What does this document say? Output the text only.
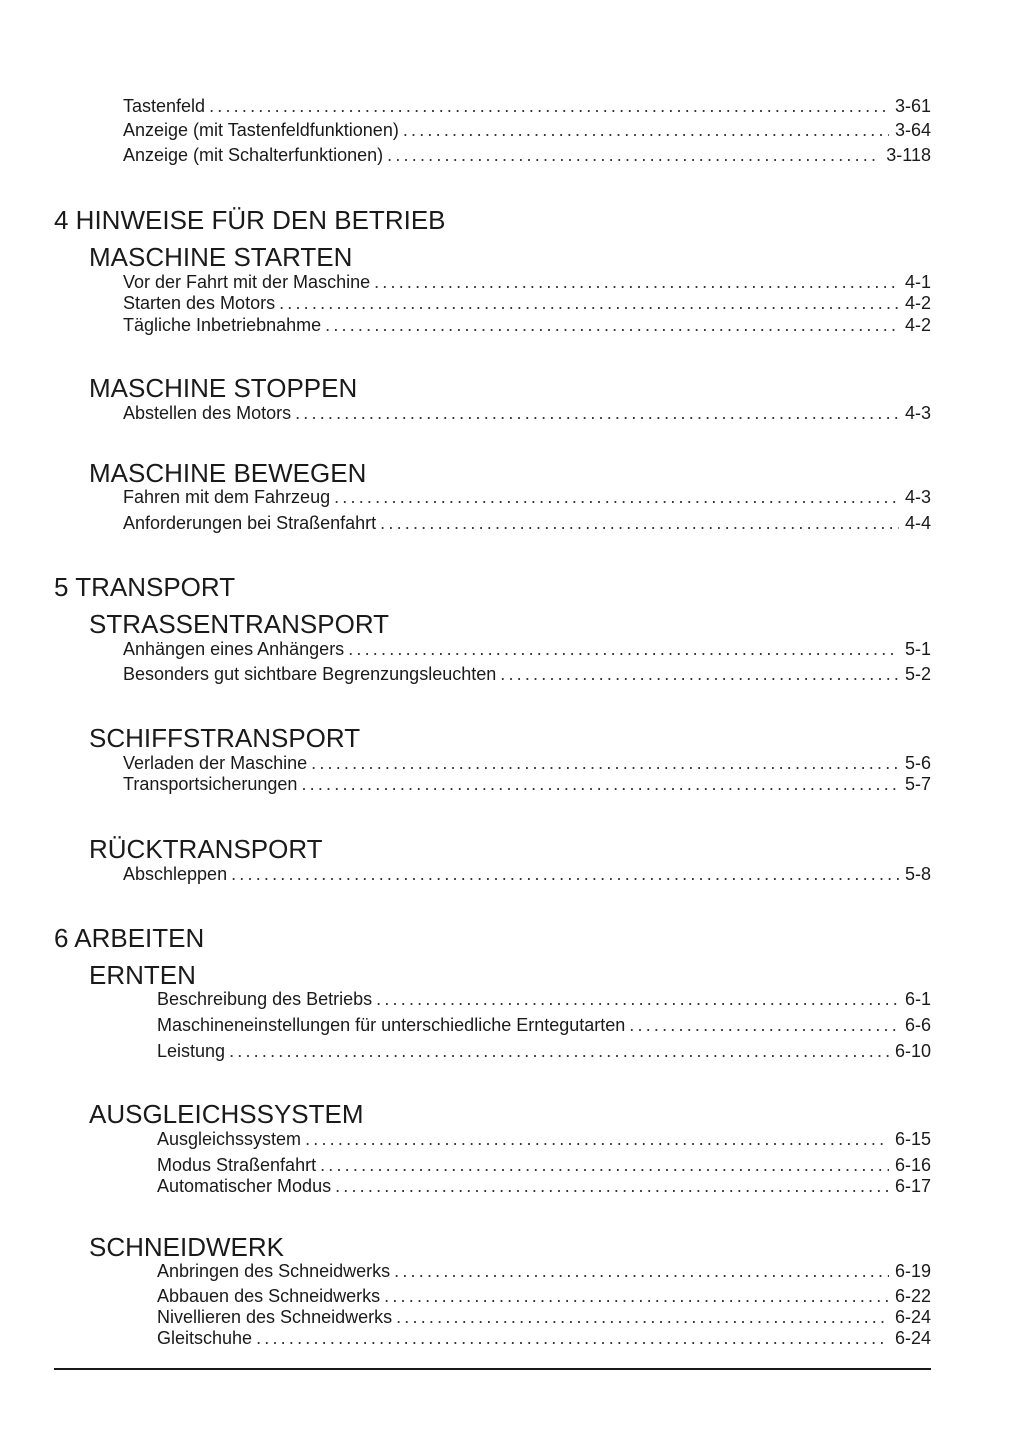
Tastenfeld .....	3-61
Anzeige (mit Tastenfeldfunktionen) .....	3-64
Anzeige (mit Schalterfunktionen) .....	3-118
4 HINWEISE FÜR DEN BETRIEB
MASCHINE STARTEN
Vor der Fahrt mit der Maschine .....	4-1
Starten des Motors .....	4-2
Tägliche Inbetriebnahme .....	4-2
MASCHINE STOPPEN
Abstellen des Motors .....	4-3
MASCHINE BEWEGEN
Fahren mit dem Fahrzeug .....	4-3
Anforderungen bei Straßenfahrt .....	4-4
5 TRANSPORT
STRASSENTRANSPORT
Anhängen eines Anhängers .....	5-1
Besonders gut sichtbare Begrenzungsleuchten .....	5-2
SCHIFFSTRANSPORT
Verladen der Maschine .....	5-6
Transportsicherungen .....	5-7
RÜCKTRANSPORT
Abschleppen .....	5-8
6 ARBEITEN
ERNTEN
Beschreibung des Betriebs .....	6-1
Maschineneinstellungen für unterschiedliche Erntegutarten .....	6-6
Leistung .....	6-10
AUSGLEICHSSYSTEM
Ausgleichssystem .....	6-15
Modus Straßenfahrt .....	6-16
Automatischer Modus .....	6-17
SCHNEIDWERK
Anbringen des Schneidwerks .....	6-19
Abbauen des Schneidwerks .....	6-22
Nivellieren des Schneidwerks .....	6-24
Gleitschuhe .....	6-24
